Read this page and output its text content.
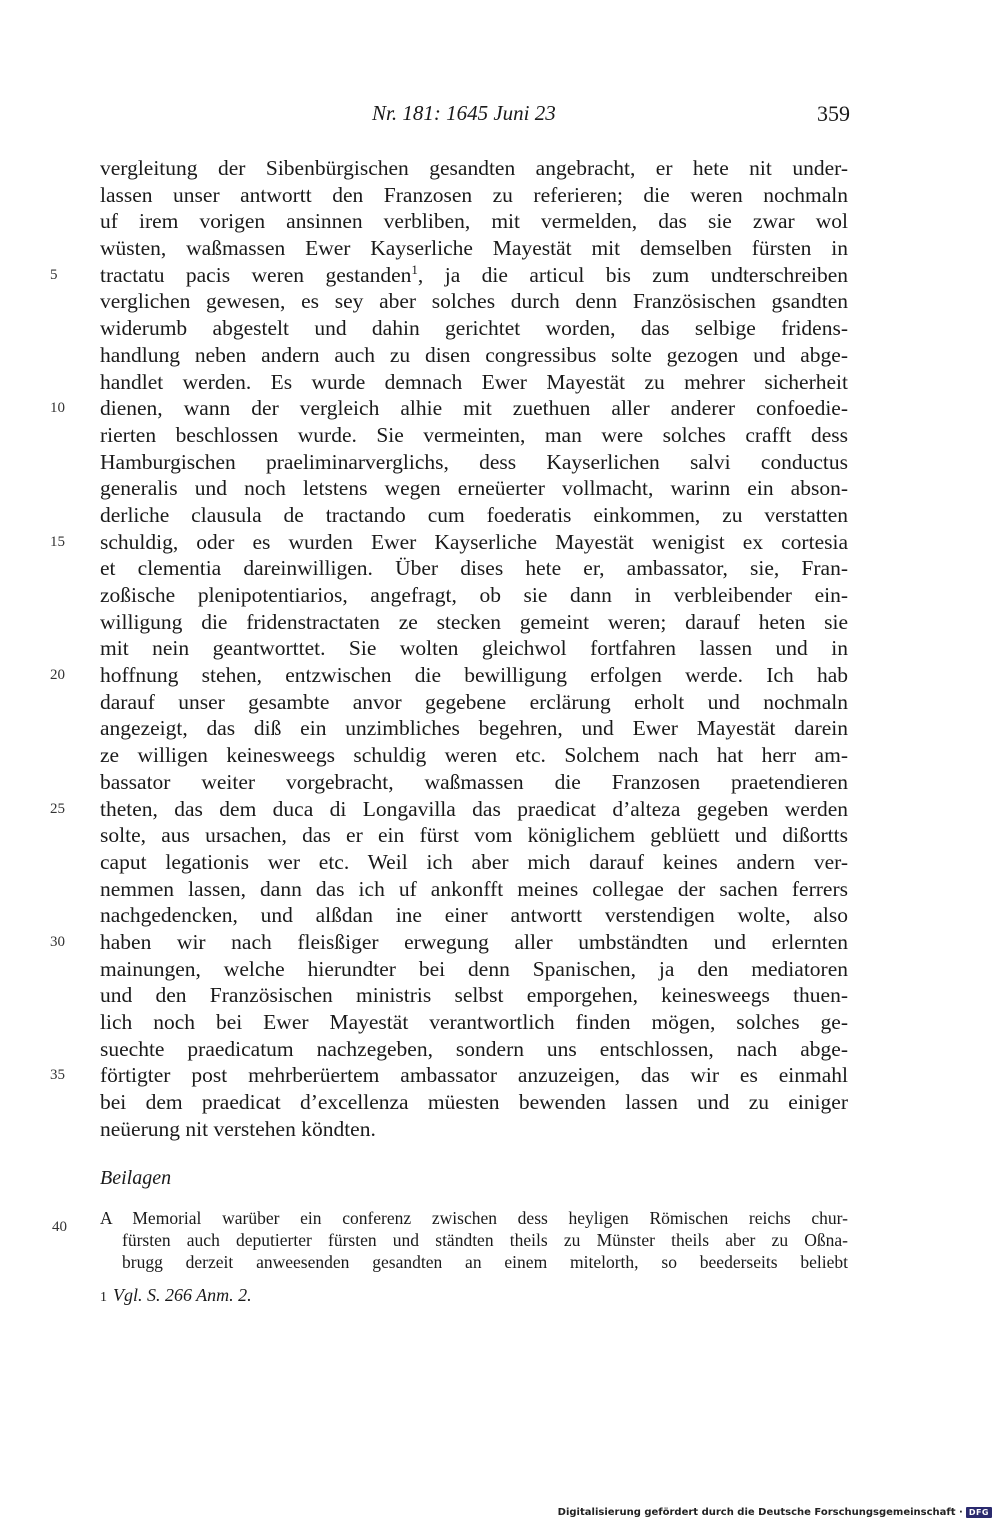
Nr. 181: 1645 Juni 23	359
vergleitung der Sibenbürgischen gesandten angebracht, er hete nit under-
lassen unser antwortt den Franzosen zu referieren; die weren nochmaln
uf irem vorigen ansinnen verbliben, mit vermelden, das sie zwar wol
wüsten, waßmassen Ewer Kayserliche Mayestät mit demselben fürsten in
5	tractatu pacis weren gestanden$^1$, ja die articul bis zum undterschreiben
verglichen gewesen, es sey aber solches durch denn Französischen gsandten
widerumb abgestelt und dahin gerichtet worden, das selbige fridens-
handlung neben andern auch zu disen congressibus solte gezogen und abge-
handlet werden. Es wurde demnach Ewer Mayestät zu mehrer sicherheit
10	dienen, wann der vergleich alhie mit zuethuen aller anderer confoedie-
rierten beschlossen wurde. Sie vermeinten, man were solches crafft dess
Hamburgischen praeliminarverglichs, dess Kayserlichen salvi conductus
generalis und noch letstens wegen erneüerter vollmacht, warinn ein abson-
derliche clausula de tractando cum foederatis einkommen, zu verstatten
15	schuldig, oder es wurden Ewer Kayserliche Mayestät wenigist ex cortesia
et clementia dareinwilligen. Über dises hete er, ambassator, sie, Fran-
zoßische plenipotentiarios, angefragt, ob sie dann in verbleibender ein-
willigung die fridenstractaten ze stecken gemeint weren; darauf heten sie
mit nein geantworttet. Sie wolten gleichwol fortfahren lassen und in
20	hoffnung stehen, entzwischen die bewilligung erfolgen werde. Ich hab
darauf unser gesambte anvor gegebene erclärung erholt und nochmaln
angezeigt, das diß ein unzimbliches begehren, und Ewer Mayestät darein
ze willigen keinesweegs schuldig weren etc. Solchem nach hat herr am-
bassator weiter vorgebracht, waßmassen die Franzosen praetendieren
25	theten, das dem duca di Longavilla das praedicat d’alteza gegeben werden
solte, aus ursachen, das er ein fürst vom königlichem geblüett und dißortts
caput legationis wer etc. Weil ich aber mich darauf keines andern ver-
nemmen lassen, dann das ich uf ankonfft meines collegae der sachen ferrers
nachgedencken, und alßdan ine einer antwortt verstendigen wolte, also
30	haben wir nach fleisßiger erwegung aller umbständten und erlernten
mainungen, welche hierundter bei denn Spanischen, ja den mediatoren
und den Französischen ministris selbst emporgehen, keinesweegs thuen-
lich noch bei Ewer Mayestät verantwortlich finden mögen, solches ge-
suechte praedicatum nachzegeben, sondern uns entschlossen, nach abge-
35	förtigter post mehrberüertem ambassator anzuzeigen, das wir es einmahl
bei dem praedicat d’excellenza müesten bewenden lassen und zu einiger
neüerung nit verstehen köndten.
Beilagen
40 A Memorial warüber ein conferenz zwischen dess heyligen Römischen reichs chur-
fürsten auch deputierter fürsten und ständten theils zu Münster theils aber zu Oßna-
brugg derzeit anweesenden gesandten an einem mitelorth, so beederseits beliebt
1 Vgl. S. 266 Anm. 2.
Digitalisierung gefördert durch die Deutsche Forschungsgemeinschaft · DFG
